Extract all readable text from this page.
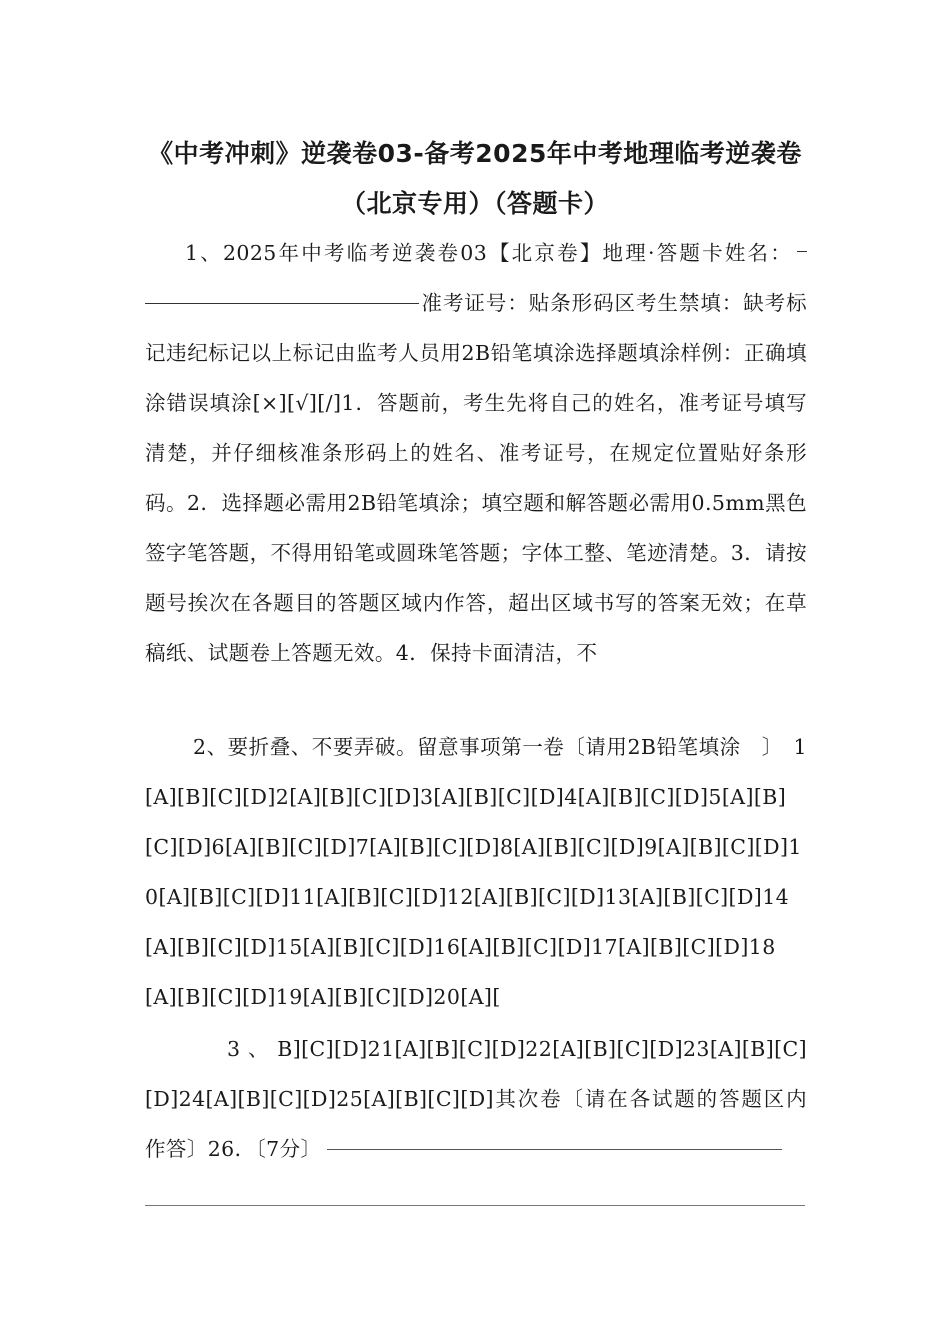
《中考冲刺》逆袭卷03-备考2025年中考地理临考逆袭卷
（北京专用）（答题卡）

1、2025年中考临考逆袭卷03【北京卷】地理·答题卡姓名： 准考证号：贴条形码区考生禁填：缺考标记违纪标记以上标记由监考人员用2B铅笔填涂选择题填涂样例：正确填涂错误填涂[×][√][/]1．答题前，考生先将自己的姓名，准考证号填写清楚，并仔细核准条形码上的姓名、准考证号，在规定位置贴好条形码。2．选择题必需用2B铅笔填涂；填空题和解答题必需用0.5mm黑色签字笔答题，不得用铅笔或圆珠笔答题；字体工整、笔迹清楚。3．请按题号挨次在各题目的答题区域内作答，超出区域书写的答案无效；在草稿纸、试题卷上答题无效。4．保持卡面清洁，不

2、要折叠、不要弄破。留意事项第一卷〔请用2B铅笔填涂　〕　1[A][B][C][D]2[A][B][C][D]3[A][B][C][D]4[A][B][C][D]5[A][B][C][D]6[A][B][C][D]7[A][B][C][D]8[A][B][C][D]9[A][B][C][D]10[A][B][C][D]11[A][B][C][D]12[A][B][C][D]13[A][B][C][D]14[A][B][C][D]15[A][B][C][D]16[A][B][C][D]17[A][B][C][D]18[A][B][C][D]19[A][B][C][D]20[A][

3 、 B][C][D]21[A][B][C][D]22[A][B][C][D]23[A][B][C][D]24[A][B][C][D]25[A][B][C][D]其次卷〔请在各试题的答题区内作答〕26．〔7分〕
